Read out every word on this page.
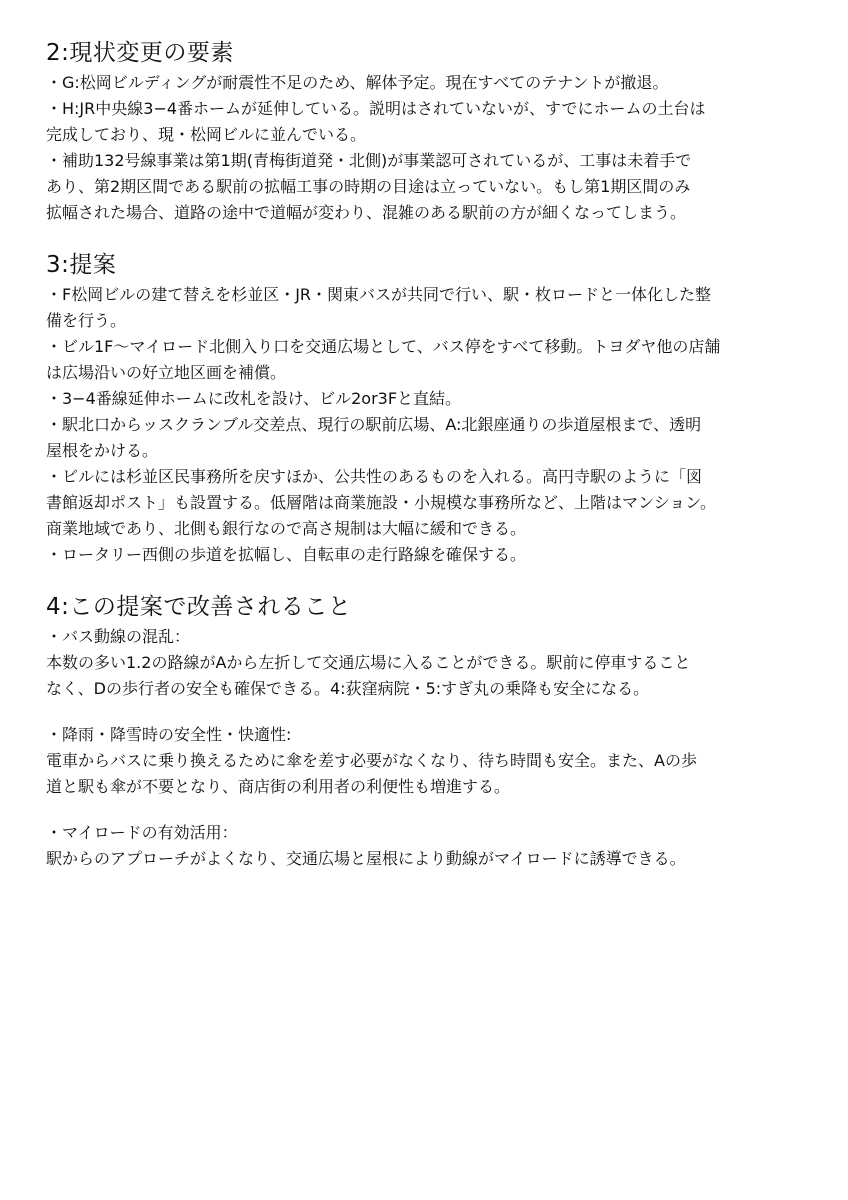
2:現状変更の要素

・G:松岡ビルディングが耐震性不足のため、解体予定。現在すべてのテナントが撤退。

・H:JR中央線3−4番ホームが延伸している。説明はされていないが、すでにホームの土台は

完成しており、現・松岡ビルに並んでいる。

・補助132号線事業は第1期(青梅街道発・北側)が事業認可されているが、工事は未着手で

あり、第2期区間である駅前の拡幅工事の時期の目途は立っていない。もし第1期区間のみ

拡幅された場合、道路の途中で道幅が変わり、混雑のある駅前の方が細くなってしまう。

3:提案

・F松岡ビルの建て替えを杉並区・JR・関東バスが共同で行い、駅・枚ロードと一体化した整

備を行う。

・ビル1F〜マイロード北側入り口を交通広場として、バス停をすべて移動。トヨダヤ他の店舗

は広場沿いの好立地区画を補償。

・3−4番線延伸ホームに改札を設け、ビル2or3Fと直結。

・駅北口からッスクランブル交差点、現行の駅前広場、A:北銀座通りの歩道屋根まで、透明

屋根をかける。

・ビルには杉並区民事務所を戻すほか、公共性のあるものを入れる。高円寺駅のように「図

書館返却ポスト」も設置する。低層階は商業施設・小規模な事務所など、上階はマンション。

商業地域であり、北側も銀行なので高さ規制は大幅に緩和できる。

・ロータリー西側の歩道を拡幅し、自転車の走行路線を確保する。

4:この提案で改善されること

・バス動線の混乱：

本数の多い1.2の路線がAから左折して交通広場に入ることができる。駅前に停車すること

なく、Dの歩行者の安全も確保できる。4:荻窪病院・5:すぎ丸の乗降も安全になる。

・降雨・降雪時の安全性・快適性:

電車からバスに乗り換えるために傘を差す必要がなくなり、待ち時間も安全。また、Aの歩

道と駅も傘が不要となり、商店街の利用者の利便性も増進する。

・マイロードの有効活用：

駅からのアプローチがよくなり、交通広場と屋根により動線がマイロードに誘導できる。
